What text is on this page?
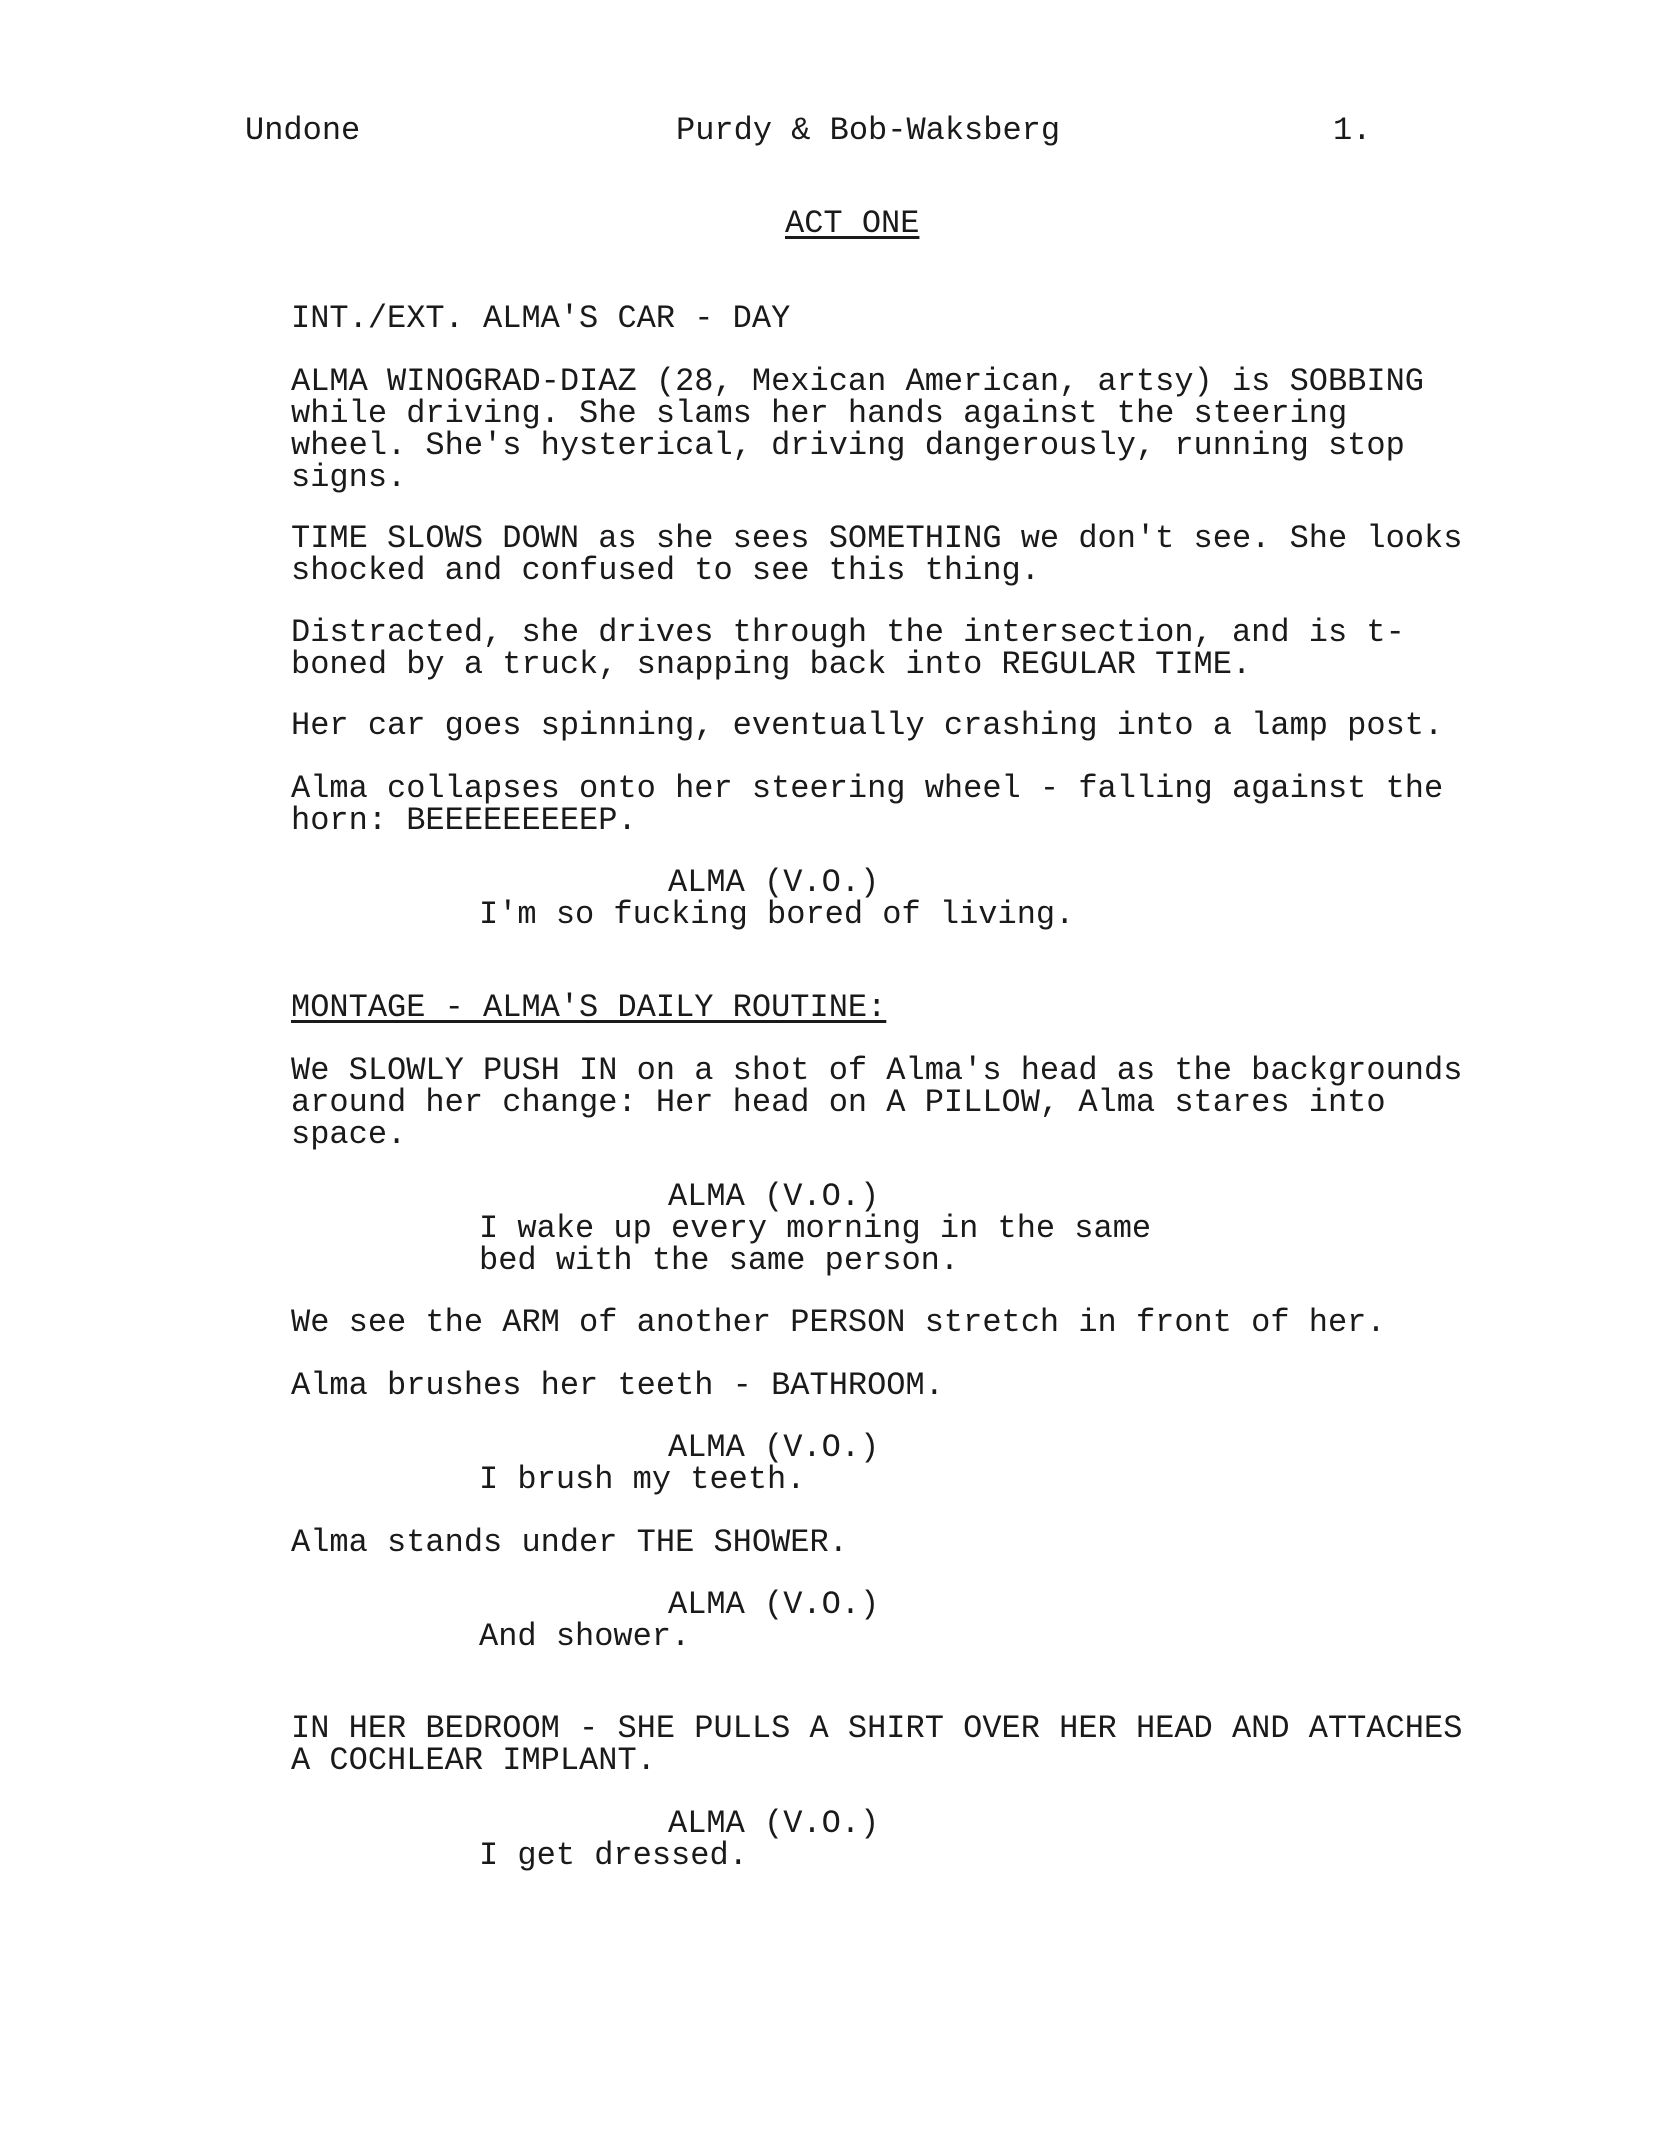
Undone	Purdy & Bob-Waksberg	1.
ACT ONE
INT./EXT. ALMA'S CAR - DAY
ALMA WINOGRAD-DIAZ (28, Mexican American, artsy) is SOBBING
while driving. She slams her hands against the steering
wheel. She's hysterical, driving dangerously, running stop
signs.
TIME SLOWS DOWN as she sees SOMETHING we don't see. She looks
shocked and confused to see this thing.
Distracted, she drives through the intersection, and is t-
boned by a truck, snapping back into REGULAR TIME.
Her car goes spinning, eventually crashing into a lamp post.
Alma collapses onto her steering wheel - falling against the
horn: BEEEEEEEEEP.
ALMA (V.O.)
I'm so fucking bored of living.
MONTAGE - ALMA'S DAILY ROUTINE:
We SLOWLY PUSH IN on a shot of Alma's head as the backgrounds
around her change: Her head on A PILLOW, Alma stares into
space.
ALMA (V.O.)
I wake up every morning in the same
bed with the same person.
We see the ARM of another PERSON stretch in front of her.
Alma brushes her teeth - BATHROOM.
ALMA (V.O.)
I brush my teeth.
Alma stands under THE SHOWER.
ALMA (V.O.)
And shower.
IN HER BEDROOM - SHE PULLS A SHIRT OVER HER HEAD AND ATTACHES
A COCHLEAR IMPLANT.
ALMA (V.O.)
I get dressed.
